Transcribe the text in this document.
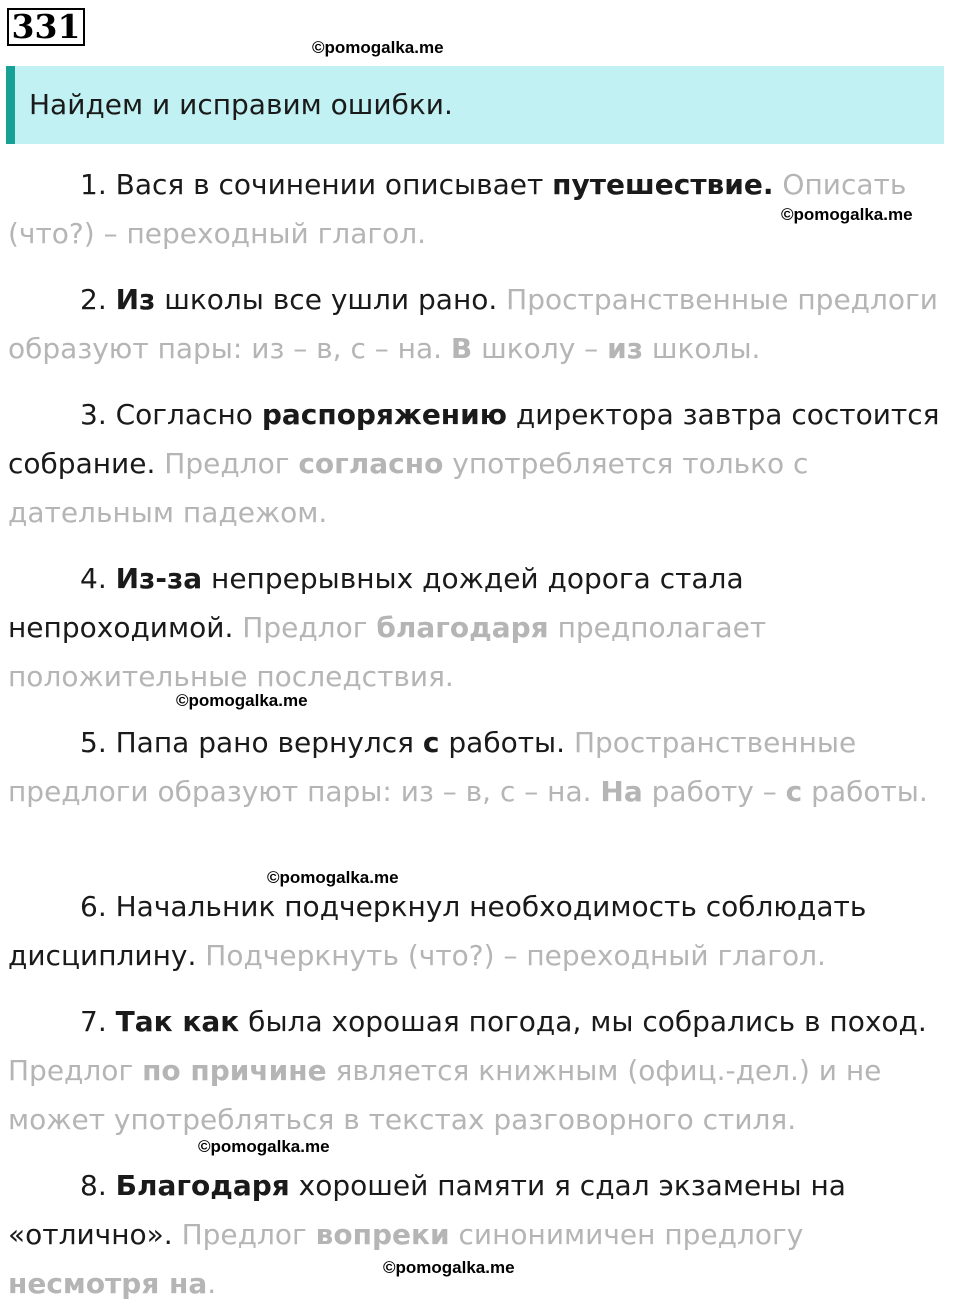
331
©pomogalka.me
©pomogalka.me
©pomogalka.me
©pomogalka.me
©pomogalka.me
©pomogalka.me
Найдем и исправим ошибки.
1. Вася в сочинении описывает путешествие. Описать (что?) – переходный глагол.
2. Из школы все ушли рано. Пространственные предлоги образуют пары: из – в, с – на. В школу – из школы.
3. Согласно распоряжению директора завтра состоится собрание. Предлог согласно употребляется только с дательным падежом.
4. Из-за непрерывных дождей дорога стала непроходимой. Предлог благодаря предполагает положительные последствия.
5. Папа рано вернулся с работы. Пространственные предлоги образуют пары: из – в, с – на. На работу – с работы.
6. Начальник подчеркнул необходимость соблюдать дисциплину. Подчеркнуть (что?) – переходный глагол.
7. Так как была хорошая погода, мы собрались в поход. Предлог по причине является книжным (офиц.-дел.) и не может употребляться в текстах разговорного стиля.
8. Благодаря хорошей памяти я сдал экзамены на «отлично». Предлог вопреки синонимичен предлогу несмотря на.
